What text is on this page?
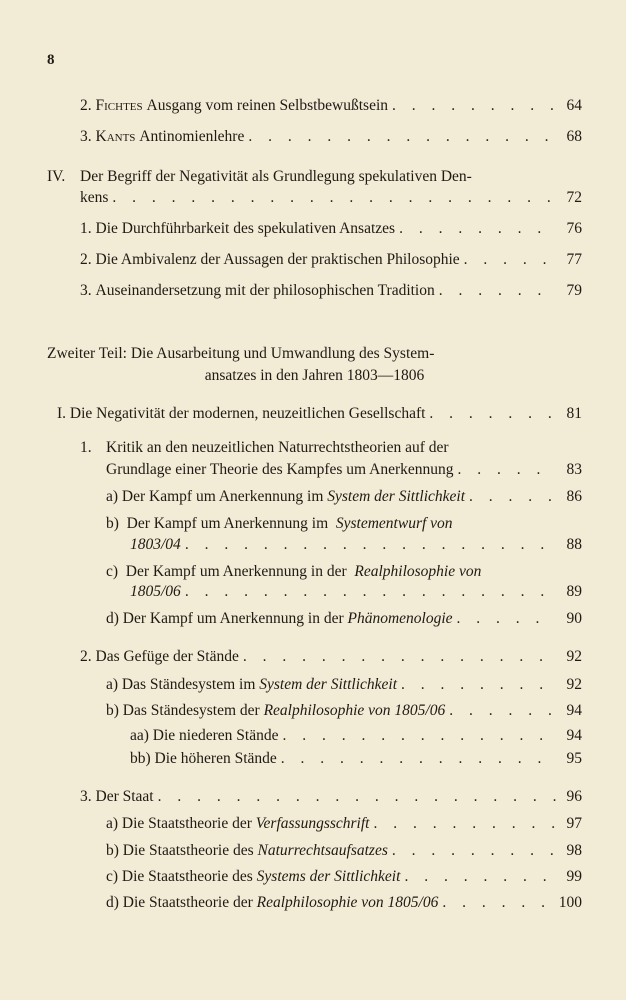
8
2.
Fichtes
Ausgang vom reinen Selbstbewußtsein . . .	64
3.
Kants
Antinomienlehre . . .	68
IV. Der Begriff der Negativität als Grundlegung spekulativen Den-
kens . . .	72
1.
Die Durchführbarkeit des spekulativen Ansatzes . . .	76
2.
Die Ambivalenz der Aussagen der praktischen Philosophie . . .	77
3.
Auseinandersetzung mit der philosophischen Tradition . . .	79
Zweiter Teil: Die Ausarbeitung und Umwandlung des System-
ansatzes in den Jahren 1803—1806
I.
Die Negativität der modernen, neuzeitlichen Gesellschaft . . .	81
1. Kritik an den neuzeitlichen Naturrechtstheorien auf der
Grundlage einer Theorie des Kampfes um Anerkennung . . .	83
a)
Der Kampf um Anerkennung im
System der Sittlichkeit . . .	86
b) Der Kampf um Anerkennung im Systementwurf von
1803/04 . . .	88
c) Der Kampf um Anerkennung in der Realphilosophie von
1805/06 . . .	89
d)
Der Kampf um Anerkennung in der
Phänomenologie . . .	90
2.
Das Gefüge der Stände . . .	92
a)
Das Ständesystem im
System der Sittlichkeit . . .	92
b)
Das Ständesystem der
Realphilosophie von 1805/06 . . .	94
aa)
Die niederen Stände . . .	94
bb)
Die höheren Stände . . .	95
3.
Der Staat . . .	96
a)
Die Staatstheorie der
Verfassungsschrift . . .	97
b)
Die Staatstheorie des
Naturrechtsaufsatzes . . .	98
c)
Die Staatstheorie des
Systems der Sittlichkeit . . .	99
d)
Die Staatstheorie der
Realphilosophie von 1805/06 . . .	100
